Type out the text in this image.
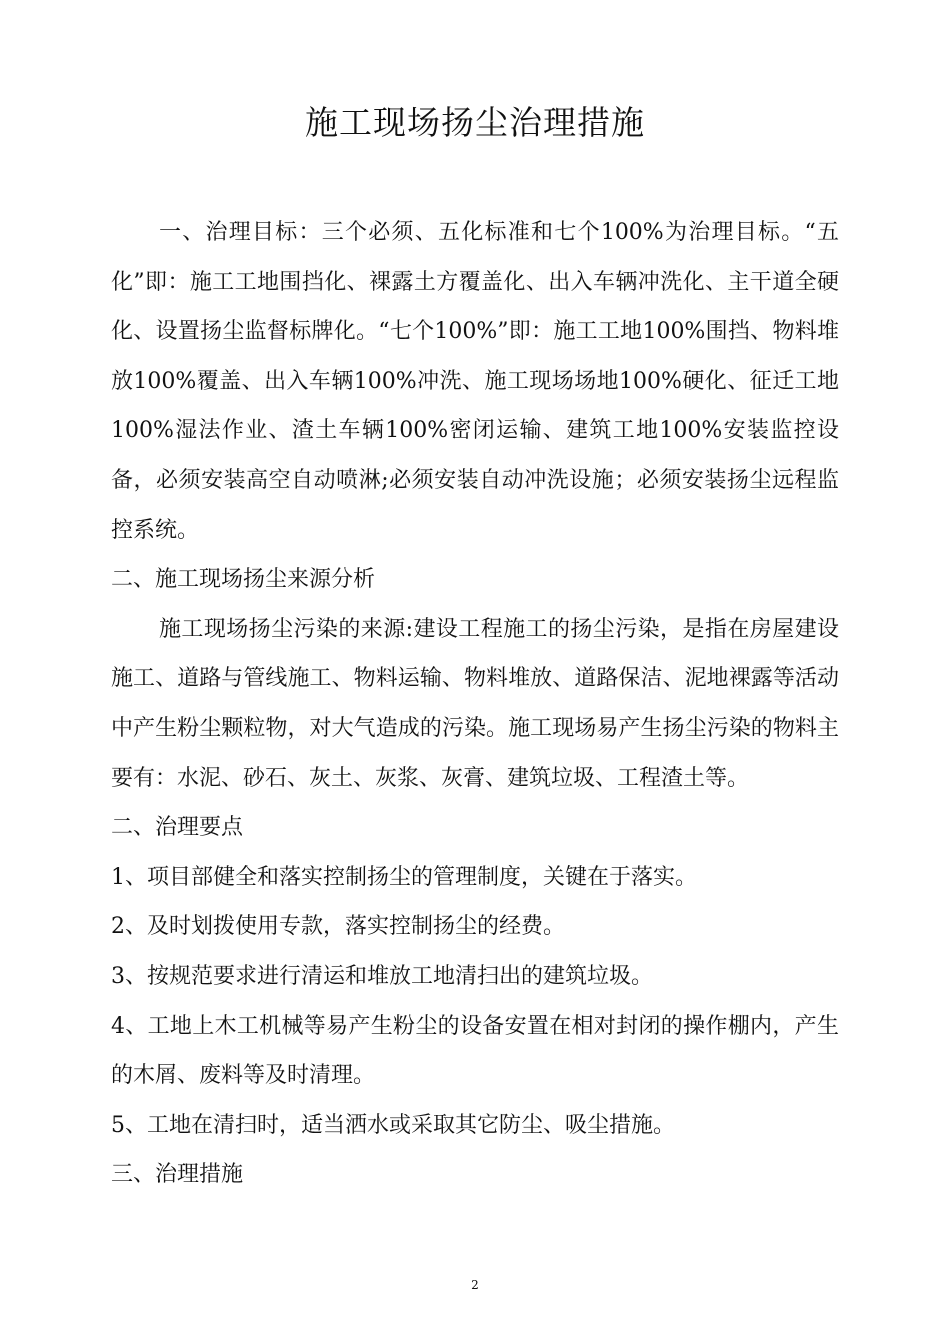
施工现场扬尘治理措施

一、治理目标：三个必须、五化标准和七个100%为治理目标。“五化”即：施工工地围挡化、裸露土方覆盖化、出入车辆冲洗化、主干道全硬化、设置扬尘监督标牌化。“七个100%”即：施工工地100%围挡、物料堆放100%覆盖、出入车辆100%冲洗、施工现场场地100%硬化、征迁工地100%湿法作业、渣土车辆100%密闭运输、建筑工地100%安装监控设备，必须安装高空自动喷淋;必须安装自动冲洗设施；必须安装扬尘远程监控系统。

二、施工现场扬尘来源分析

施工现场扬尘污染的来源:建设工程施工的扬尘污染，是指在房屋建设施工、道路与管线施工、物料运输、物料堆放、道路保洁、泥地裸露等活动中产生粉尘颗粒物，对大气造成的污染。施工现场易产生扬尘污染的物料主要有：水泥、砂石、灰土、灰浆、灰膏、建筑垃圾、工程渣土等。

二、治理要点

1、项目部健全和落实控制扬尘的管理制度，关键在于落实。

2、及时划拨使用专款，落实控制扬尘的经费。

3、按规范要求进行清运和堆放工地清扫出的建筑垃圾。

4、工地上木工机械等易产生粉尘的设备安置在相对封闭的操作棚内，产生的木屑、废料等及时清理。

5、工地在清扫时，适当洒水或采取其它防尘、吸尘措施。

三、治理措施

2
